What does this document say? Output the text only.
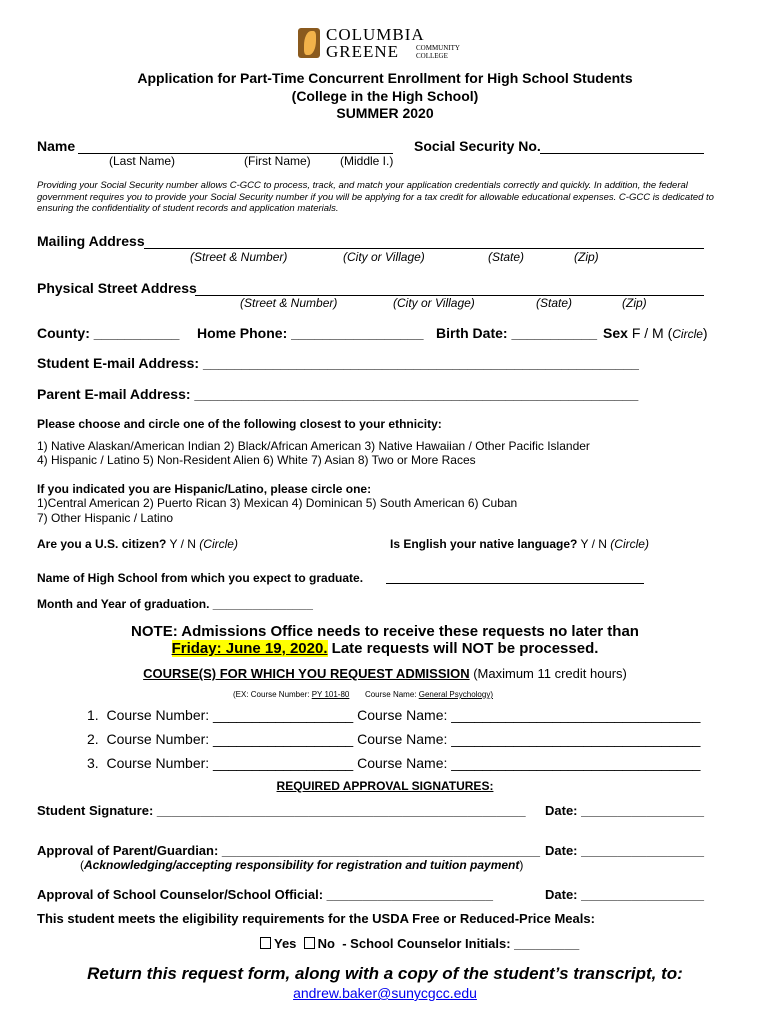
COLUMBIA
GREENE COMMUNITY
COLLEGE
Application for Part-Time Concurrent Enrollment for High School Students
(College in the High School)
SUMMER 2020
Name	Social Security No.
(Last Name)	(First Name) (Middle I.)
Providing your Social Security number allows C-GCC to process, track, and match your application credentials correctly and quickly. In addition, the federal government requires you to provide your Social Security number if you will be applying for a tax credit for allowable educational expenses. C-GCC is dedicated to ensuring the confidentiality of student records and application materials.
Mailing Address
(Street & Number)	(City or Village)	(State)	(Zip)
Physical Street Address
(Street & Number)	(City or Village)	(State)	(Zip)
County: ___________ Home Phone: _________________ Birth Date: ___________ Sex F / M (Circle)
Student E-mail Address: ________________________________________________________
Parent E-mail Address: _________________________________________________________
Please choose and circle one of the following closest to your ethnicity:
1) Native Alaskan/American Indian 2) Black/African American 3) Native Hawaiian / Other Pacific Islander
4) Hispanic / Latino 5) Non-Resident Alien 6) White 7) Asian 8) Two or More Races
If you indicated you are Hispanic/Latino, please circle one:
1)Central American 2) Puerto Rican 3) Mexican 4) Dominican 5) South American 6) Cuban
7) Other Hispanic / Latino
Are you a U.S. citizen? Y / N (Circle)	Is English your native language? Y / N (Circle)
Name of High School from which you expect to graduate.
Month and Year of graduation. _______________
NOTE: Admissions Office needs to receive these requests no later than
Friday: June 19, 2020. Late requests will NOT be processed.
COURSE(S) FOR WHICH YOU REQUEST ADMISSION (Maximum 11 credit hours)
(EX: Course Number: PY 101-80 Course Name: General Psychology)
1. Course Number: __________________ Course Name: ________________________________
2. Course Number: __________________ Course Name: ________________________________
3. Course Number: __________________ Course Name: ________________________________
REQUIRED APPROVAL SIGNATURES:
Student Signature: ___________________________________________________ Date: _________________
Approval of Parent/Guardian: ____________________________________________ Date: _________________
(Acknowledging/accepting responsibility for registration and tuition payment)
Approval of School Counselor/School Official: _______________________	Date: _________________
This student meets the eligibility requirements for the USDA Free or Reduced-Price Meals:
Yes No - School Counselor Initials: _________
Return this request form, along with a copy of the student’s transcript, to:
andrew.baker@sunycgcc.edu
